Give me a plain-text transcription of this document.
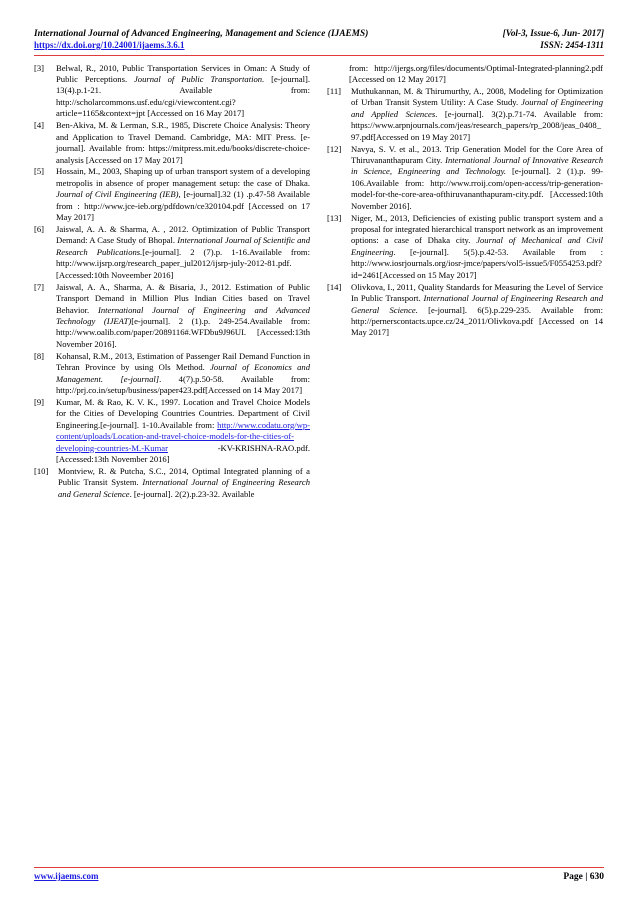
International Journal of Advanced Engineering, Management and Science (IJAEMS)	[Vol-3, Issue-6, Jun- 2017]
https://dx.doi.org/10.24001/ijaems.3.6.1	ISSN: 2454-1311
[3]	Belwal, R., 2010, Public Transportation Services in Oman: A Study of Public Perceptions. Journal of Public Transportation. [e-journal]. 13(4).p.1-21. Available from: http://scholarcommons.usf.edu/cgi/viewcontent.cgi?article=1165&context=jpt [Accessed on 16 May 2017]
[4]	Ben-Akiva, M. & Lerman, S.R., 1985, Discrete Choice Analysis: Theory and Application to Travel Demand. Cambridge, MA: MIT Press. [e-journal]. Available from: https://mitpress.mit.edu/books/discrete-choice-analysis [Accessed on 17 May 2017]
[5]	Hossain, M., 2003, Shaping up of urban transport system of a developing metropolis in absence of proper management setup: the case of Dhaka. Journal of Civil Engineering (IEB), [e-journal].32 (1) .p.47-58 Available from : http://www.jce-ieb.org/pdfdown/ce320104.pdf [Accessed on 17 May 2017]
[6]	Jaiswal, A. A. & Sharma, A. , 2012. Optimization of Public Transport Demand: A Case Study of Bhopal. International Journal of Scientific and Research Publications.[e-journal]. 2 (7).p. 1-16.Available from: http://www.ijsrp.org/research_paper_jul2012/ijsrp-july-2012-81.pdf. [Accessed:10th Noveember 2016]
[7]	Jaiswal, A. A., Sharma, A. & Bisaria, J., 2012. Estimation of Public Transport Demand in Million Plus Indian Cities based on Travel Behavior. International Journal of Engineering and Advanced Technology (IJEAT)[e-journal]. 2 (1).p. 249-254.Available from: http://www.oalib.com/paper/2089116#.WFDbu9J96UI. [Accessed:13th November 2016].
[8]	Kohansal, R.M., 2013, Estimation of Passenger Rail Demand Function in Tehran Province by using Ols Method. Journal of Economics and Management. [e-journal]. 4(7).p.50-58. Available from: http://prj.co.in/setup/business/paper423.pdf[Accessed on 14 May 2017]
[9]	Kumar, M. & Rao, K. V. K., 1997. Location and Travel Choice Models for the Cities of Developing Countries Countries. Department of Civil Engineering.[e-journal]. 1-10.Available from: http://www.codatu.org/wp-content/uploads/Location-and-travel-choice-models-for-the-cities-of-developing-countries-M.-Kumar -KV-KRISHNA-RAO.pdf. [Accessed:13th November 2016]
[10]	Montview, R. & Putcha, S.C., 2014, Optimal Integrated planning of a Public Transit System. International Journal of Engineering Research and General Science. [e-journal]. 2(2).p.23-32. Available
from: http://ijergs.org/files/documents/Optimal-Integrated-planning2.pdf [Accessed on 12 May 2017]
[11]	Muthukannan, M. & Thirumurthy, A., 2008, Modeling for Optimization of Urban Transit System Utility: A Case Study. Journal of Engineering and Applied Sciences. [e-journal]. 3(2).p.71-74. Available from: https://www.arpnjournals.com/jeas/research_papers/rp_2008/jeas_0408_97.pdf[Accessed on 19 May 2017]
[12]	Navya, S. V. et al., 2013. Trip Generation Model for the Core Area of Thiruvananthapuram City. International Journal of Innovative Research in Science, Engineering and Technology. [e-journal]. 2 (1).p. 99-106.Available from: http://www.rroij.com/open-access/trip-generation-model-for-the-core-area-ofthiruvananthapuram-city.pdf. [Accessed:10th November 2016].
[13]	Niger, M., 2013, Deficiencies of existing public transport system and a proposal for integrated hierarchical transport network as an improvement options: a case of Dhaka city. Journal of Mechanical and Civil Engineering. [e-journal]. 5(5).p.42-53. Available from : http://www.iosrjournals.org/iosr-jmce/papers/vol5-issue5/F0554253.pdf?id=2461[Accessed on 15 May 2017]
[14]	Olivkova, I., 2011, Quality Standards for Measuring the Level of Service In Public Transport. International Journal of Engineering Research and General Science. [e-journal]. 6(5).p.229-235. Available from: http://pernerscontacts.upce.cz/24_2011/Olivkova.pdf [Accessed on 14 May 2017]
www.ijaems.com	Page | 630
